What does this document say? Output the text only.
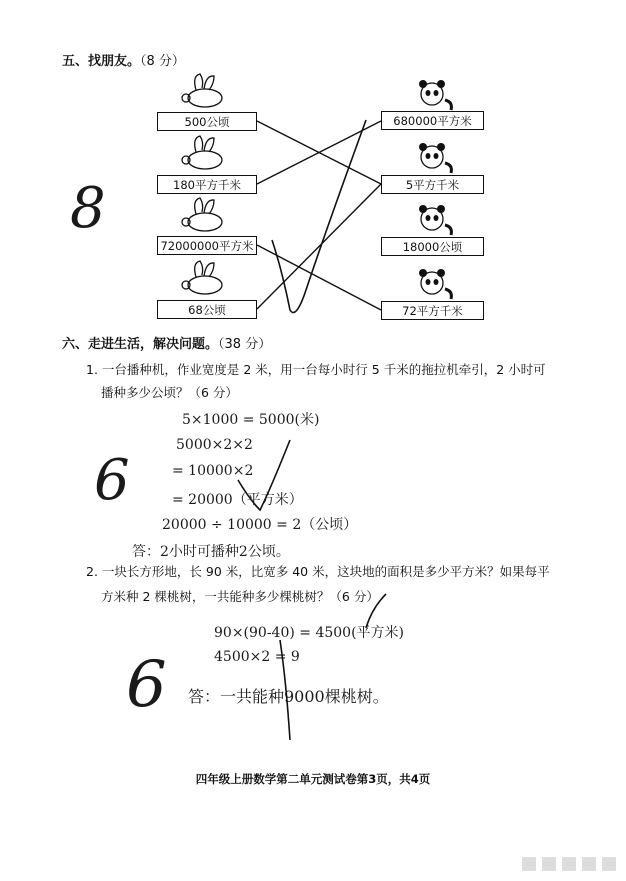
五、找朋友。（8 分）
500公顷
180平方千米
72000000平方米
68公顷
680000平方米
5平方千米
18000公顷
72平方千米
六、走进生活，解决问题。（38 分）
1. 一台播种机，作业宽度是 2 米，用一台每小时行 5 千米的拖拉机牵引，2 小时可
播种多少公顷？（6 分）
5×1000 = 5000(米)
5000×2×2
= 10000×2
= 20000（平方米）
20000 ÷ 10000 = 2（公顷）
答：2小时可播种2公顷。
2. 一块长方形地，长 90 米，比宽多 40 米，这块地的面积是多少平方米？如果每平
方米种 2 棵桃树，一共能种多少棵桃树？（6 分）
90×(90-40) = 4500(平方米)
4500×2 = 9
答：一共能种9000棵桃树。
8
6
6
四年级上册数学第二单元测试卷第3页，共4页
